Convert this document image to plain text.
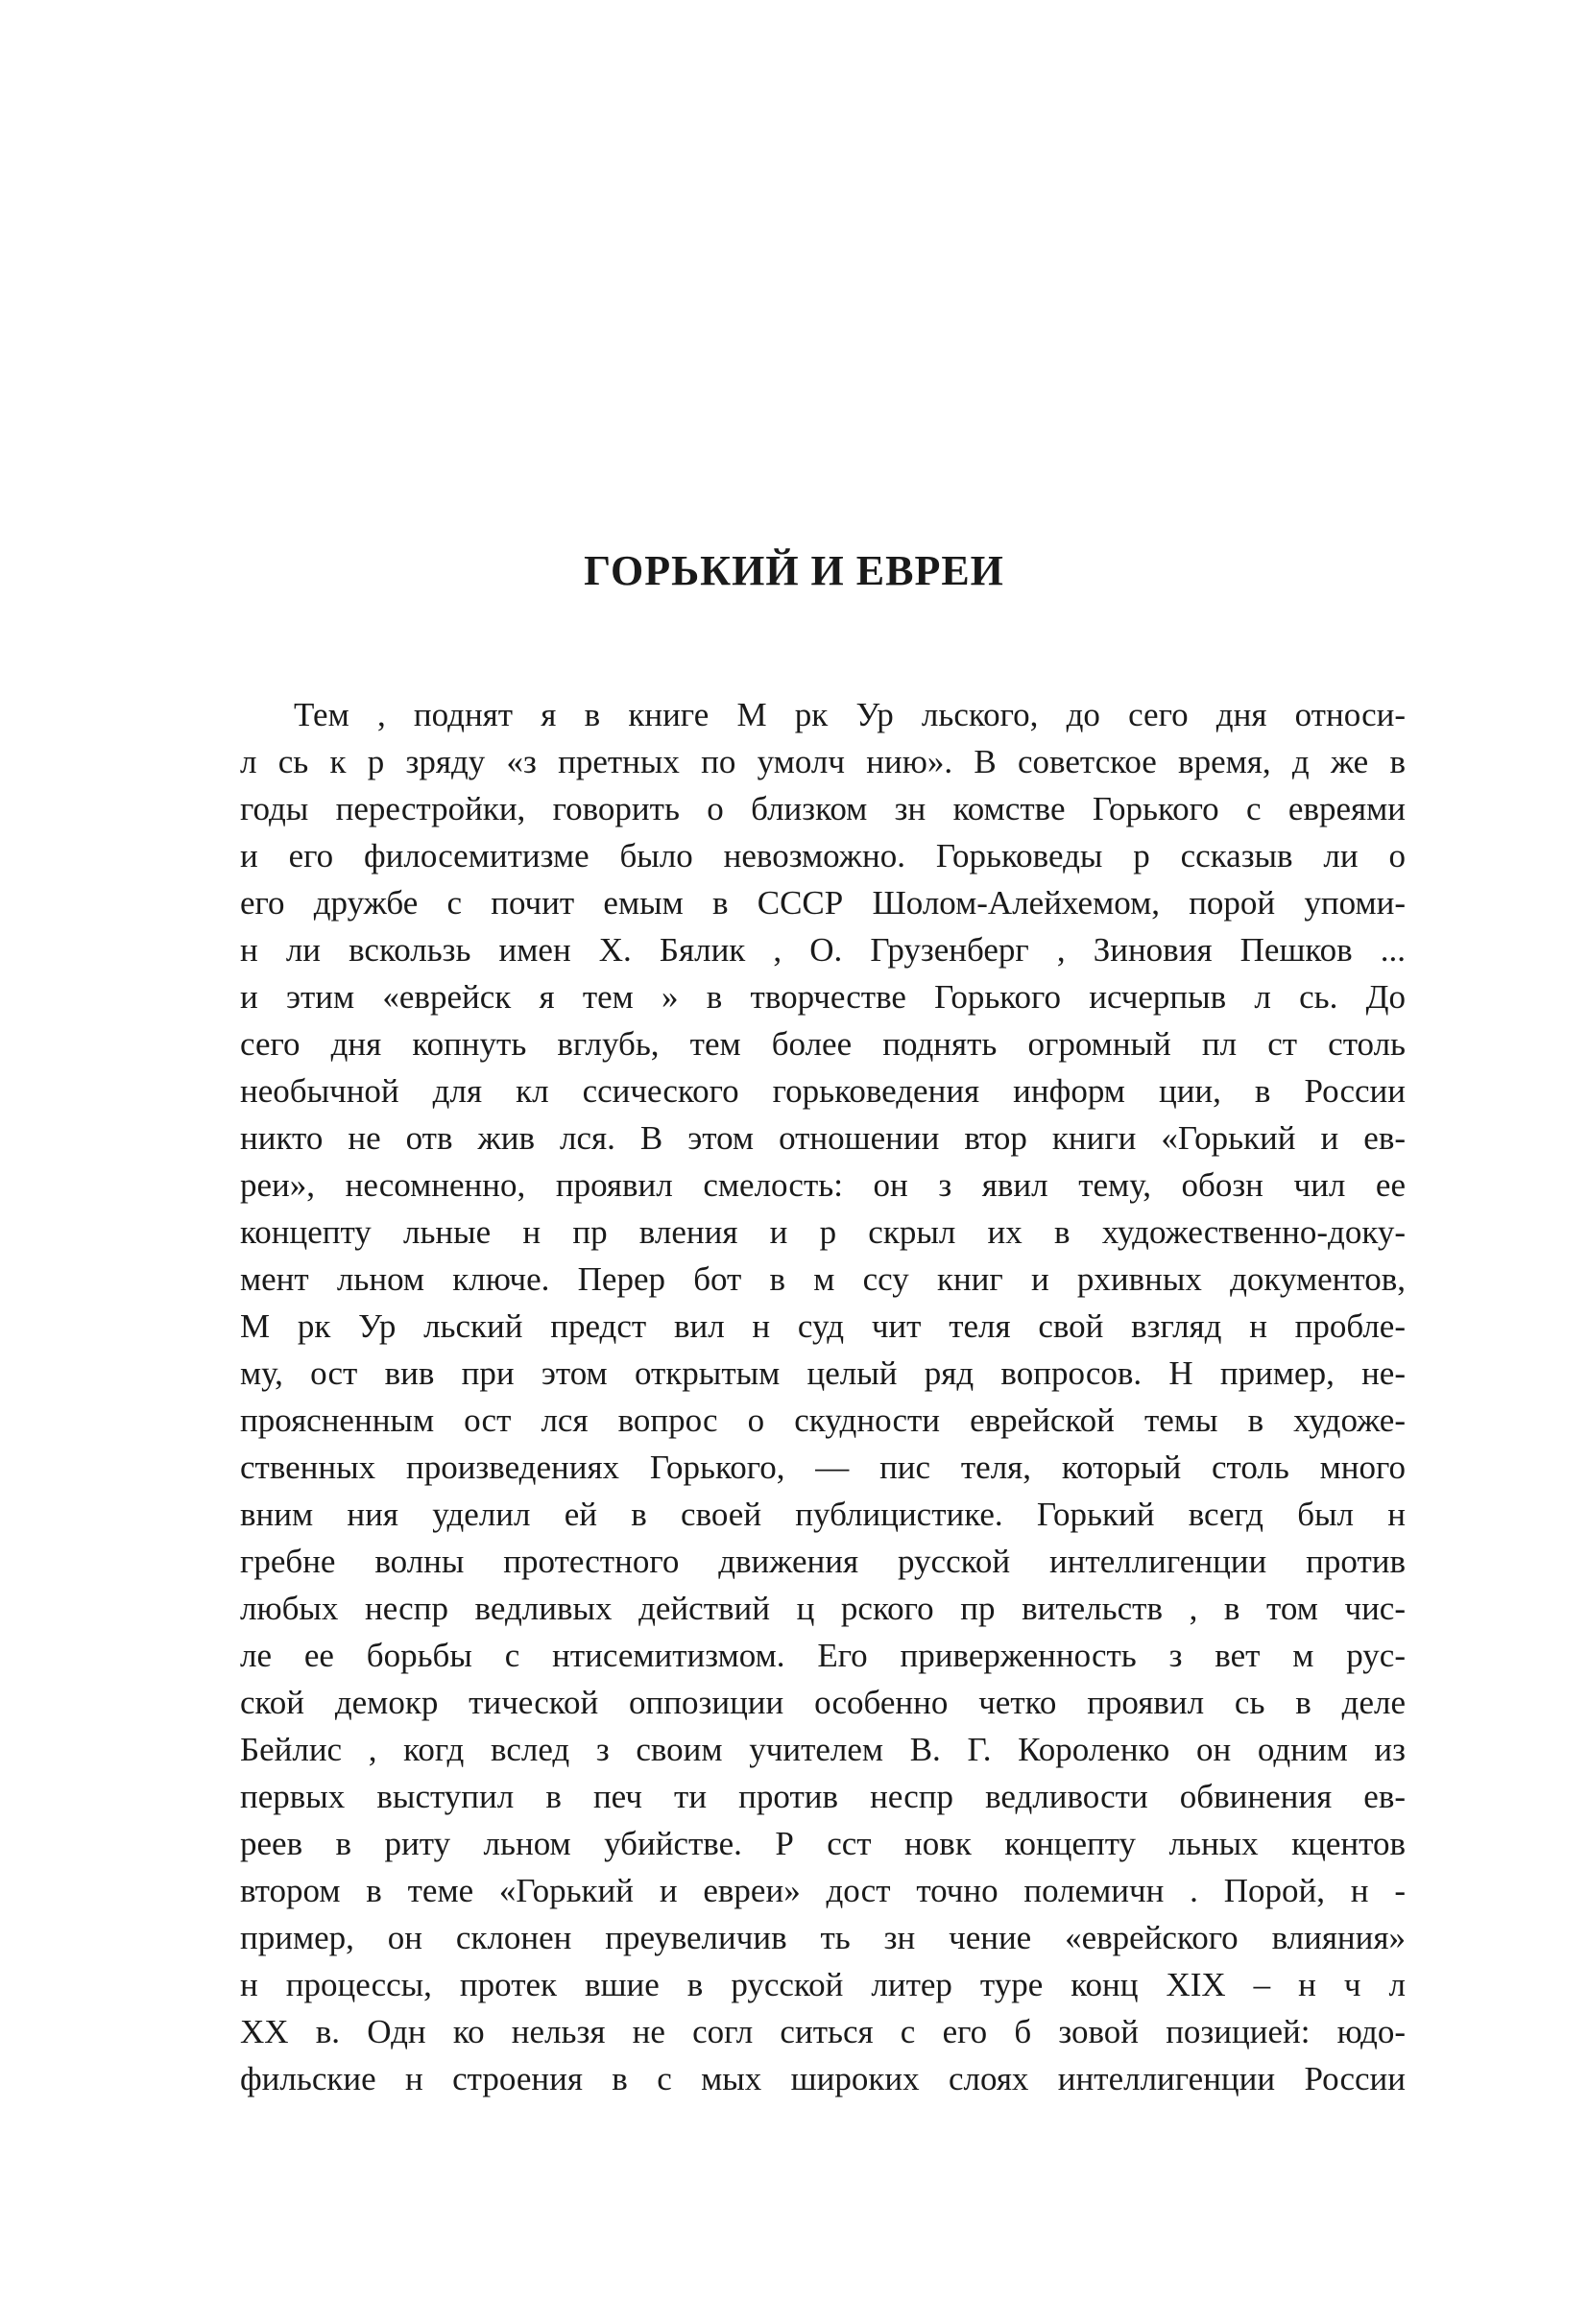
ГОРЬКИЙ И ЕВРЕИ
Тем , поднят я в книге М рк Ур льского, до сего дня относи-
л сь к р зряду «з претных по умолч нию». В советское время, д же в
годы перестройки, говорить о близком зн комстве Горького с евреями
и его филосемитизме было невозможно. Горьковеды р ссказыв ли о
его дружбе с почит емым в СССР Шолом-Алейхемом, порой упоми-
н ли вскользь имен Х. Бялик , О. Грузенберг , Зиновия Пешков ...
и этим «еврейск я тем » в творчестве Горького исчерпыв л сь. До
сего дня копнуть вглубь, тем более поднять огромный пл ст столь
необычной для кл ссического горьковедения информ ции, в России
никто не отв жив лся. В этом отношении втор книги «Горький и ев-
реи», несомненно, проявил смелость: он з явил тему, обозн чил ее
концепту льные н пр вления и р скрыл их в художественно-доку-
мент льном ключе. Перер бот в м ссу книг и рхивных документов,
М рк Ур льский предст вил н суд чит теля свой взгляд н пробле-
му, ост вив при этом открытым целый ряд вопросов. Н пример, не-
проясненным ост лся вопрос о скудности еврейской темы в художе-
ственных произведениях Горького, — пис теля, который столь много
вним ния уделил ей в своей публицистике. Горький всегд был н
гребне волны протестного движения русской интеллигенции против
любых неспр ведливых действий ц рского пр вительств , в том чис-
ле ее борьбы с нтисемитизмом. Его приверженность з вет м рус-
ской демокр тической оппозиции особенно четко проявил сь в деле
Бейлис , когд вслед з своим учителем В. Г. Короленко он одним из
первых выступил в печ ти против неспр ведливости обвинения ев-
реев в риту льном убийстве. Р сст новк концепту льных кцентов
втором в теме «Горький и евреи» дост точно полемичн . Порой, н -
пример, он склонен преувеличив ть зн чение «еврейского влияния»
н процессы, протек вшие в русской литер туре конц XIX – н ч л
XX в. Одн ко нельзя не согл ситься с его б зовой позицией: юдо-
фильские н строения в с мых широких слоях интеллигенции России
